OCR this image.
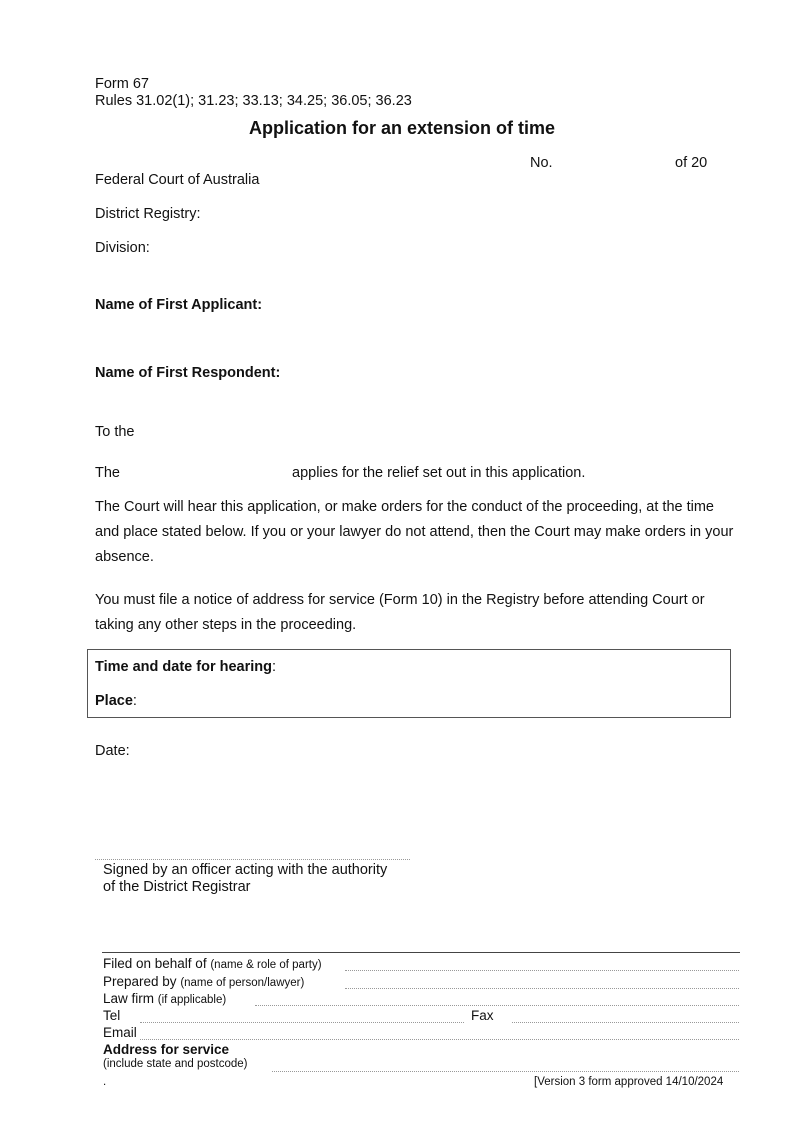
Form 67
Rules 31.02(1); 31.23; 33.13; 34.25; 36.05; 36.23
Application for an extension of time
No.	of 20
Federal Court of Australia
District Registry:
Division:
Name of First Applicant:
Name of First Respondent:
To the
The	applies for the relief set out in this application.
The Court will hear this application, or make orders for the conduct of the proceeding, at the time and place stated below. If you or your lawyer do not attend, then the Court may make orders in your absence.
You must file a notice of address for service (Form 10) in the Registry before attending Court or taking any other steps in the proceeding.
Time and date for hearing:
Place:
Date:
Signed by an officer acting with the authority
of the District Registrar
Filed on behalf of (name & role of party)
Prepared by (name of person/lawyer)
Law firm (if applicable)
Tel	Fax
Email
Address for service
(include state and postcode)
.	[Version 3 form approved 14/10/2024
